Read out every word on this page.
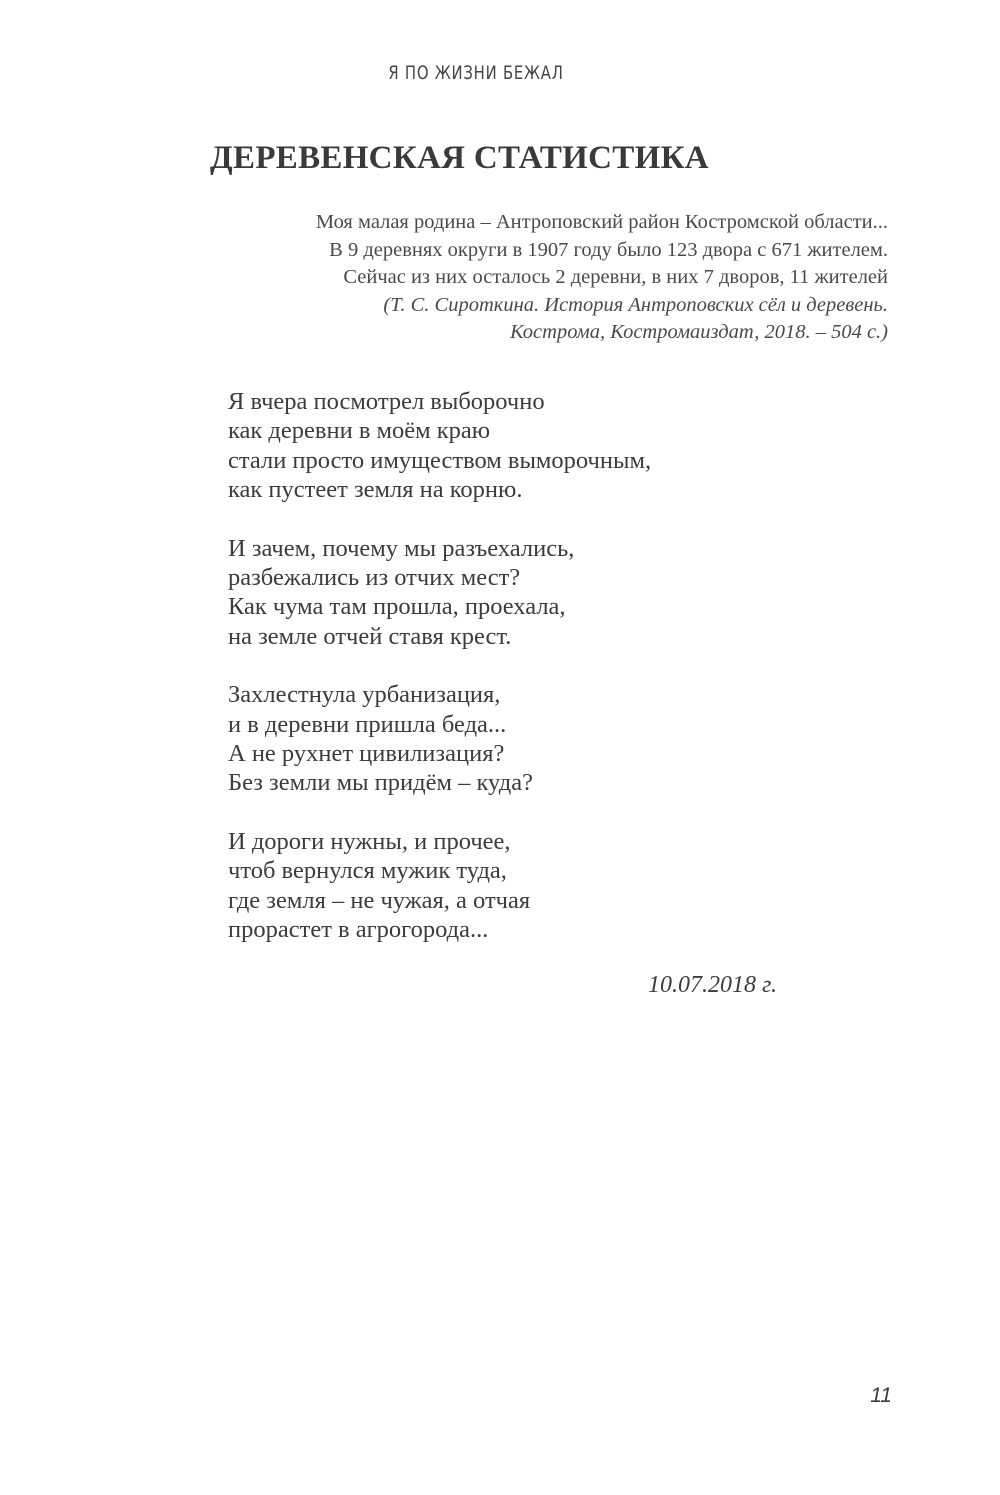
Я ПО ЖИЗНИ БЕЖАЛ
ДЕРЕВЕНСКАЯ СТАТИСТИКА
Моя малая родина – Антроповский район Костромской области...
В 9 деревнях округи в 1907 году было 123 двора с 671 жителем.
Сейчас из них осталось 2 деревни, в них 7 дворов, 11 жителей
(Т. С. Сироткина. История Антроповских сёл и деревень.
Кострома, Костромаиздат, 2018. – 504 с.)
Я вчера посмотрел выборочно
как деревни в моём краю
стали просто имуществом выморочным,
как пустеет земля на корню.
И зачем, почему мы разъехались,
разбежались из отчих мест?
Как чума там прошла, проехала,
на земле отчей ставя крест.
Захлестнула урбанизация,
и в деревни пришла беда...
А не рухнет цивилизация?
Без земли мы придём – куда?
И дороги нужны, и прочее,
чтоб вернулся мужик туда,
где земля – не чужая, а отчая
прорастет в агрогорода...
10.07.2018 г.
11
